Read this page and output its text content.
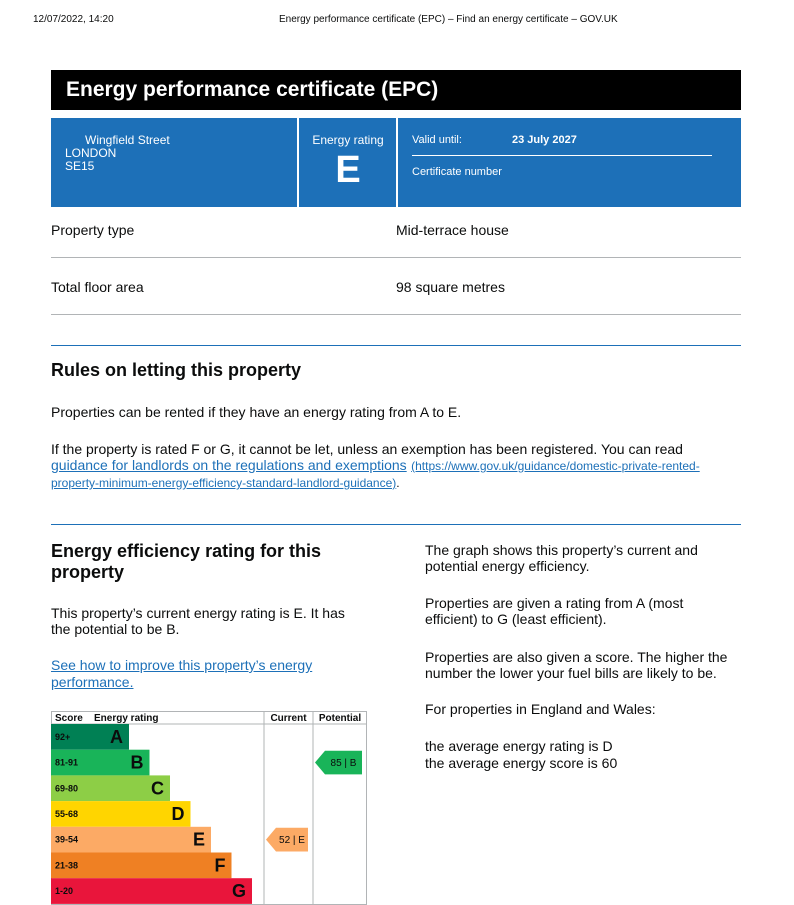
12/07/2022, 14:20	Energy performance certificate (EPC) – Find an energy certificate – GOV.UK
Energy performance certificate (EPC)
Wingfield Street
LONDON
SE15
Energy rating
E
Valid until:	23 July 2027
Certificate number
Property type	Mid-terrace house
Total floor area	98 square metres
Rules on letting this property
Properties can be rented if they have an energy rating from A to E.
If the property is rated F or G, it cannot be let, unless an exemption has been registered. You can read
guidance for landlords on the regulations and exemptions (https://www.gov.uk/guidance/domestic-private-rented-
property-minimum-energy-efficiency-standard-landlord-guidance).
Energy efficiency rating for this
property
This property’s current energy rating is E. It has
the potential to be B.
See how to improve this property’s energy
performance.
The graph shows this property’s current and
potential energy efficiency.
Properties are given a rating from A (most
efficient) to G (least efficient).
Properties are also given a score. The higher the
number the lower your fuel bills are likely to be.
For properties in England and Wales:
the average energy rating is D
the average energy score is 60
Score Energy rating	Current Potential
92+ A
81-91	B
69-80	C
55-68	D
39-54	E
21-38	F
1-20	G
52 | E
85 | B
